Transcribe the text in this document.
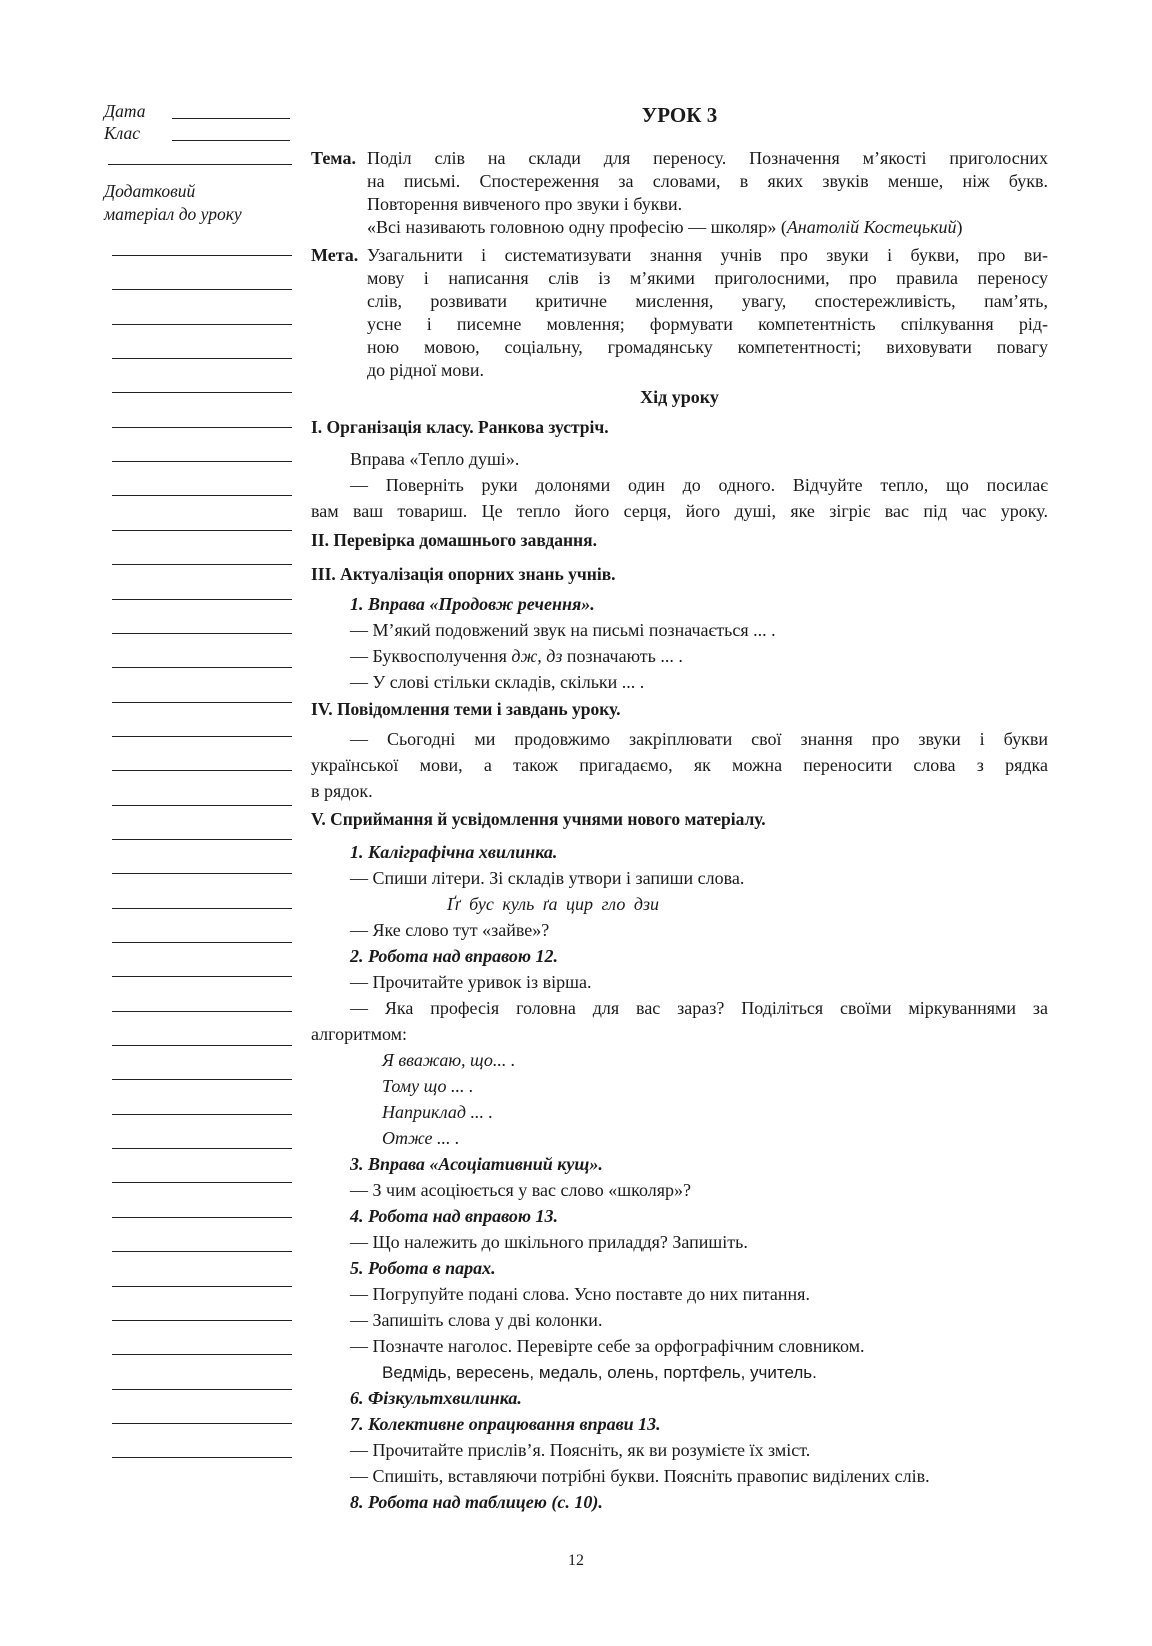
Дата
Клас
Додатковий
матеріал до уроку
УРОК 3
Тема. Поділ слів на склади для переносу. Позначення м’якості приголосних
на письмі. Спостереження за словами, в яких звуків менше, ніж букв.
Повторення вивченого про звуки і букви.
«Всі називають головною одну професію — школяр» (Анатолій Костецький)
Мета. Узагальнити і систематизувати знання учнів про звуки і букви, про ви-
мову і написання слів із м’якими приголосними, про правила переносу
слів, розвивати критичне мислення, увагу, спостережливість, пам’ять,
усне і писемне мовлення; формувати компетентність спілкування рід-
ною мовою, соціальну, громадянську компетентності; виховувати повагу
до рідної мови.
Хід уроку
I. Організація класу. Ранкова зустріч.
Вправа «Тепло душі».
— Поверніть руки долонями один до одного. Відчуйте тепло, що посилає
вам ваш товариш. Це тепло його серця, його душі, яке зігріє вас під час уроку.
II. Перевірка домашнього завдання.
III. Актуалізація опорних знань учнів.
1. Вправа «Продовж речення».
— М’який подовжений звук на письмі позначається ... .
— Буквосполучення дж, дз позначають ... .
— У слові стільки складів, скільки ... .
IV. Повідомлення теми і завдань уроку.
— Сьогодні ми продовжимо закріплювати свої знання про звуки і букви
української мови, а також пригадаємо, як можна переносити слова з рядка
в рядок.
V. Сприймання й усвідомлення учнями нового матеріалу.
1. Каліграфічна хвилинка.
— Спиши літери. Зі складів утвори і запиши слова.
Ґґ бус куль ґа цир гло дзи
— Яке слово тут «зайве»?
2. Робота над вправою 12.
— Прочитайте уривок із вірша.
— Яка професія головна для вас зараз? Поділіться своїми міркуваннями за
алгоритмом:
Я вважаю, що... .
Тому що ... .
Наприклад ... .
Отже ... .
3. Вправа «Асоціативний кущ».
— З чим асоціюється у вас слово «школяр»?
4. Робота над вправою 13.
— Що належить до шкільного приладдя? Запишіть.
5. Робота в парах.
— Погрупуйте подані слова. Усно поставте до них питання.
— Запишіть слова у дві колонки.
— Позначте наголос. Перевірте себе за орфографічним словником.
Ведмідь, вересень, медаль, олень, портфель, учитель.
6. Фізкультхвилинка.
7. Колективне опрацювання вправи 13.
— Прочитайте прислів’я. Поясніть, як ви розумієте їх зміст.
— Спишіть, вставляючи потрібні букви. Поясніть правопис виділених слів.
8. Робота над таблицею (с. 10).
12
